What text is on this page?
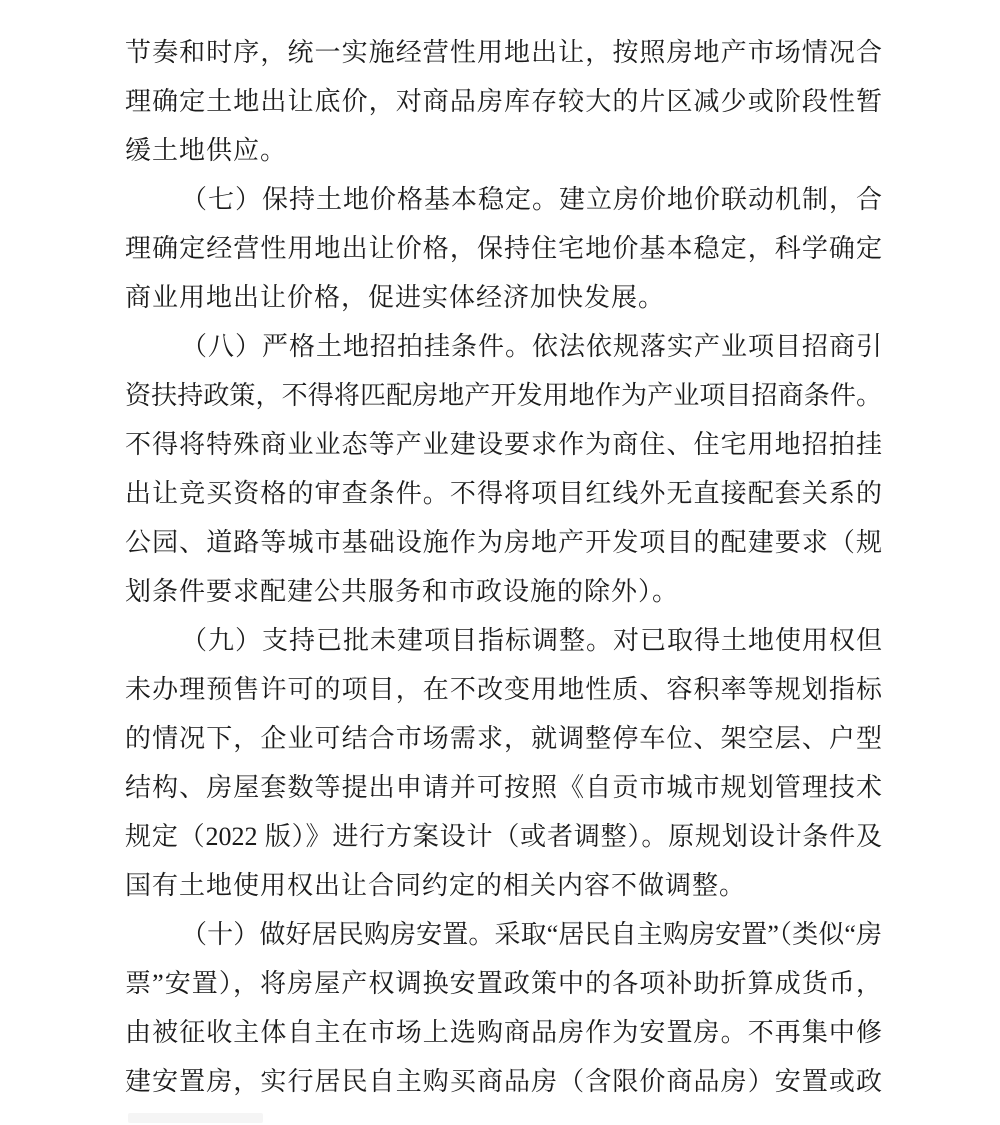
节奏和时序，统一实施经营性用地出让，按照房地产市场情况合
理确定土地出让底价，对商品房库存较大的片区减少或阶段性暂
缓土地供应。
（七）保持土地价格基本稳定。建立房价地价联动机制，合
理确定经营性用地出让价格，保持住宅地价基本稳定，科学确定
商业用地出让价格，促进实体经济加快发展。
（八）严格土地招拍挂条件。依法依规落实产业项目招商引
资扶持政策，不得将匹配房地产开发用地作为产业项目招商条件。
不得将特殊商业业态等产业建设要求作为商住、住宅用地招拍挂
出让竞买资格的审查条件。不得将项目红线外无直接配套关系的
公园、道路等城市基础设施作为房地产开发项目的配建要求（规
划条件要求配建公共服务和市政设施的除外）。
（九）支持已批未建项目指标调整。对已取得土地使用权但
未办理预售许可的项目，在不改变用地性质、容积率等规划指标
的情况下，企业可结合市场需求，就调整停车位、架空层、户型
结构、房屋套数等提出申请并可按照《自贡市城市规划管理技术
规定（2022 版）》进行方案设计（或者调整）。原规划设计条件及
国有土地使用权出让合同约定的相关内容不做调整。
（十）做好居民购房安置。采取“居民自主购房安置”（类似“房
票”安置），将房屋产权调换安置政策中的各项补助折算成货币，
由被征收主体自主在市场上选购商品房作为安置房。不再集中修
建安置房，实行居民自主购买商品房（含限价商品房）安置或政
